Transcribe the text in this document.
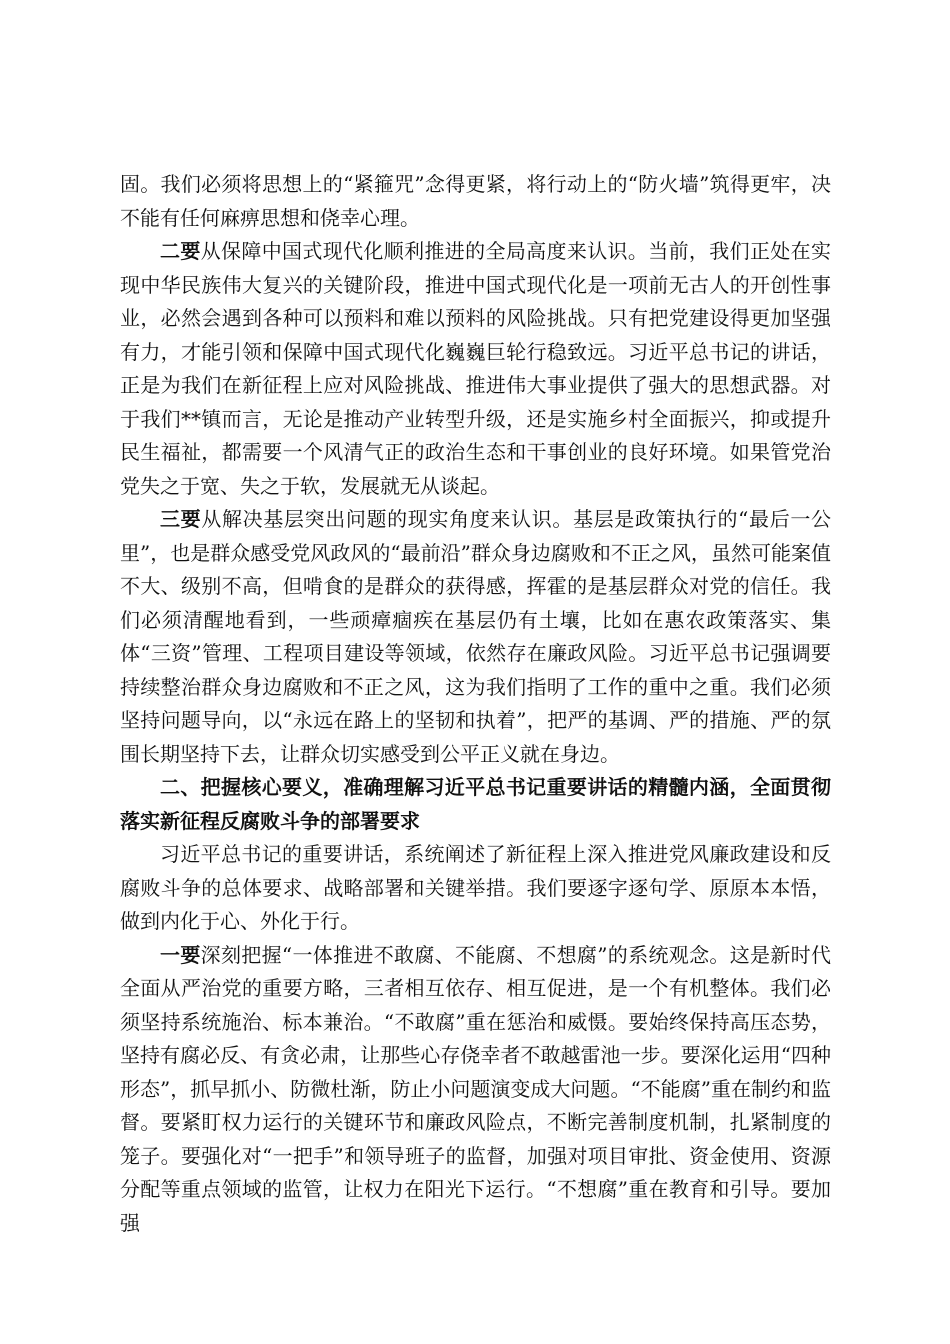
固。我们必须将思想上的“紧箍咒”念得更紧，将行动上的“防火墙”筑得更牢，决不能有任何麻痹思想和侥幸心理。

二要从保障中国式现代化顺利推进的全局高度来认识。当前，我们正处在实现中华民族伟大复兴的关键阶段，推进中国式现代化是一项前无古人的开创性事业，必然会遇到各种可以预料和难以预料的风险挑战。只有把党建设得更加坚强有力，才能引领和保障中国式现代化巍巍巨轮行稳致远。习近平总书记的讲话，正是为我们在新征程上应对风险挑战、推进伟大事业提供了强大的思想武器。对于我们**镇而言，无论是推动产业转型升级，还是实施乡村全面振兴，抑或提升民生福祉，都需要一个风清气正的政治生态和干事创业的良好环境。如果管党治党失之于宽、失之于软，发展就无从谈起。

三要从解决基层突出问题的现实角度来认识。基层是政策执行的“最后一公里”，也是群众感受党风政风的“最前沿”群众身边腐败和不正之风，虽然可能案值不大、级别不高，但啃食的是群众的获得感，挥霍的是基层群众对党的信任。我们必须清醒地看到，一些顽瘴痼疾在基层仍有土壤，比如在惠农政策落实、集体“三资”管理、工程项目建设等领域，依然存在廉政风险。习近平总书记强调要持续整治群众身边腐败和不正之风，这为我们指明了工作的重中之重。我们必须坚持问题导向，以“永远在路上的坚韧和执着”，把严的基调、严的措施、严的氛围长期坚持下去，让群众切实感受到公平正义就在身边。

二、把握核心要义，准确理解习近平总书记重要讲话的精髓内涵，全面贯彻落实新征程反腐败斗争的部署要求

习近平总书记的重要讲话，系统阐述了新征程上深入推进党风廉政建设和反腐败斗争的总体要求、战略部署和关键举措。我们要逐字逐句学、原原本本悟，做到内化于心、外化于行。

一要深刻把握“一体推进不敢腐、不能腐、不想腐”的系统观念。这是新时代全面从严治党的重要方略，三者相互依存、相互促进，是一个有机整体。我们必须坚持系统施治、标本兼治。“不敢腐”重在惩治和威慑。要始终保持高压态势，坚持有腐必反、有贪必肃，让那些心存侥幸者不敢越雷池一步。要深化运用“四种形态”，抓早抓小、防微杜渐，防止小问题演变成大问题。“不能腐”重在制约和监督。要紧盯权力运行的关键环节和廉政风险点，不断完善制度机制，扎紧制度的笼子。要强化对“一把手”和领导班子的监督，加强对项目审批、资金使用、资源分配等重点领域的监管，让权力在阳光下运行。“不想腐”重在教育和引导。要加强
